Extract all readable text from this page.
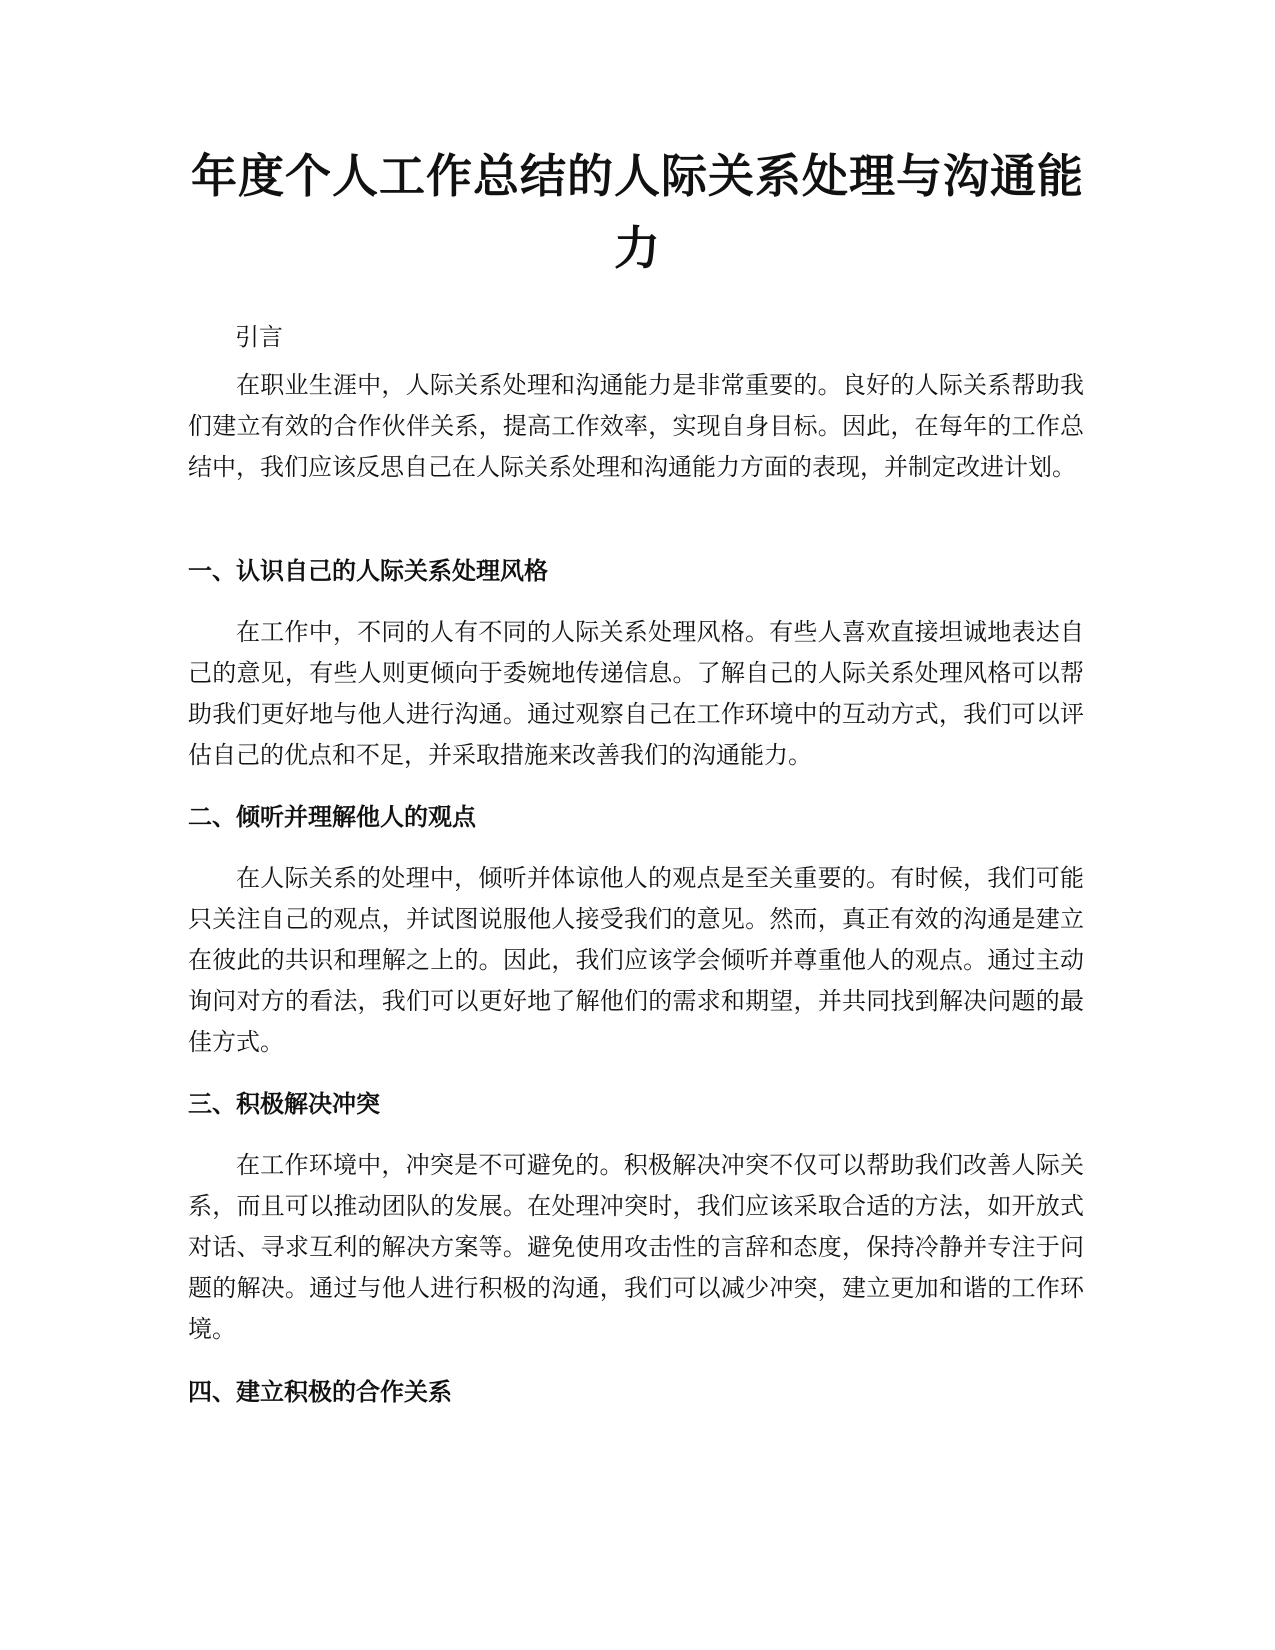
年度个人工作总结的人际关系处理与沟通能力

引言

在职业生涯中，人际关系处理和沟通能力是非常重要的。良好的人际关系帮助我们建立有效的合作伙伴关系，提高工作效率，实现自身目标。因此，在每年的工作总结中，我们应该反思自己在人际关系处理和沟通能力方面的表现，并制定改进计划。

一、认识自己的人际关系处理风格

在工作中，不同的人有不同的人际关系处理风格。有些人喜欢直接坦诚地表达自己的意见，有些人则更倾向于委婉地传递信息。了解自己的人际关系处理风格可以帮助我们更好地与他人进行沟通。通过观察自己在工作环境中的互动方式，我们可以评估自己的优点和不足，并采取措施来改善我们的沟通能力。

二、倾听并理解他人的观点

在人际关系的处理中，倾听并体谅他人的观点是至关重要的。有时候，我们可能只关注自己的观点，并试图说服他人接受我们的意见。然而，真正有效的沟通是建立在彼此的共识和理解之上的。因此，我们应该学会倾听并尊重他人的观点。通过主动询问对方的看法，我们可以更好地了解他们的需求和期望，并共同找到解决问题的最佳方式。

三、积极解决冲突

在工作环境中，冲突是不可避免的。积极解决冲突不仅可以帮助我们改善人际关系，而且可以推动团队的发展。在处理冲突时，我们应该采取合适的方法，如开放式对话、寻求互利的解决方案等。避免使用攻击性的言辞和态度，保持冷静并专注于问题的解决。通过与他人进行积极的沟通，我们可以减少冲突，建立更加和谐的工作环境。

四、建立积极的合作关系
